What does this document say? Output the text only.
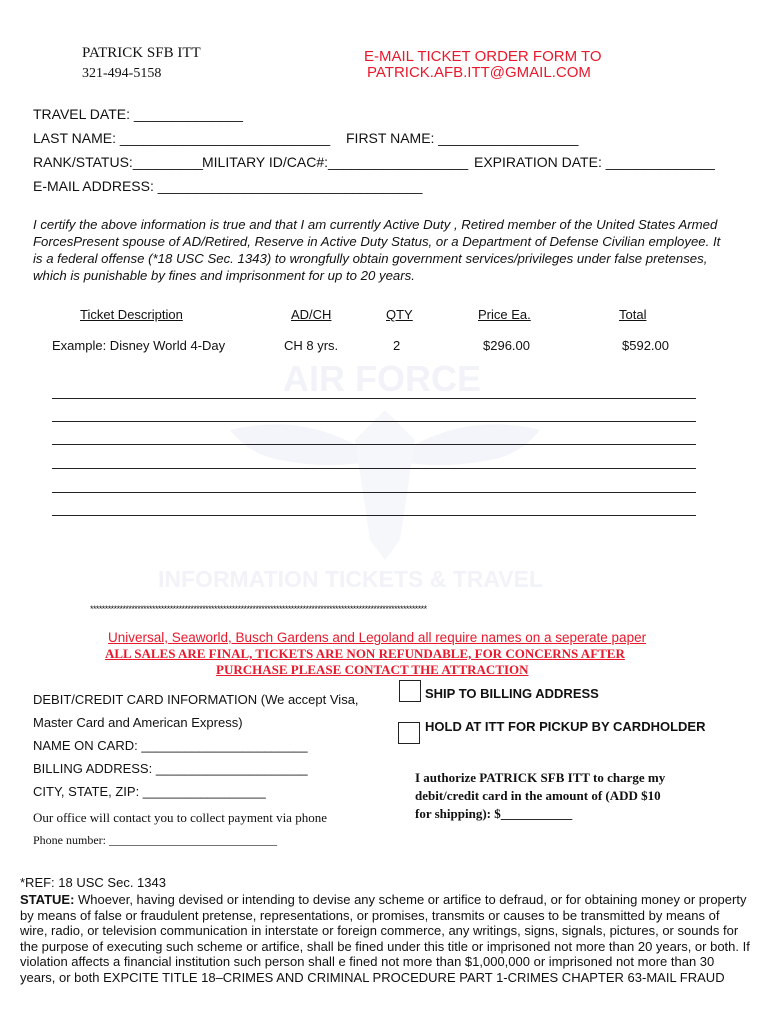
AIR FORCE
INFORMATION TICKETS & TRAVEL
PATRICK SFB ITT
321-494-5158
E-MAIL TICKET ORDER FORM TO
PATRICK.AFB.ITT@GMAIL.COM
TRAVEL DATE: ______________
LAST NAME: ___________________________ FIRST NAME: __________________
RANK/STATUS:_________ MILITARY ID/CAC#:__________________ EXPIRATION DATE: ______________
E-MAIL ADDRESS: __________________________________
I certify the above information is true and that I am currently Active Duty , Retired member of the United States Armed ForcesPresent spouse of AD/Retired, Reserve in Active Duty Status, or a Department of Defense Civilian employee. It is a federal offense (*18 USC Sec. 1343) to wrongfully obtain government services/privileges under false pretenses, which is punishable by fines and imprisonment for up to 20 years.
Ticket Description	AD/CH	QTY	Price Ea.	Total
Example: Disney World 4-Day	CH 8 yrs.	2	$296.00	$592.00
******************************************************************************************************************
Universal, Seaworld, Busch Gardens and Legoland all require names on a seperate paper
ALL SALES ARE FINAL, TICKETS ARE NON REFUNDABLE, FOR CONCERNS AFTER
PURCHASE PLEASE CONTACT THE ATTRACTION
DEBIT/CREDIT CARD INFORMATION (We accept Visa,
Master Card and American Express)
NAME ON CARD: _______________________
BILLING ADDRESS: _____________________
CITY, STATE, ZIP: _________________
Our office will contact you to collect payment via phone
Phone number: ____________________________
SHIP TO BILLING ADDRESS
HOLD AT ITT FOR PICKUP BY CARDHOLDER
I authorize PATRICK SFB ITT to charge my
debit/credit card in the amount of (ADD $10
for shipping): $___________
*REF: 18 USC Sec. 1343
STATUE: Whoever, having devised or intending to devise any scheme or artifice to defraud, or for obtaining money or property by means of false or fraudulent pretense, representations, or promises, transmits or causes to be transmitted by means of wire, radio, or television communication in interstate or foreign commerce, any writings, signs, signals, pictures, or sounds for the purpose of executing such scheme or artifice, shall be fined under this title or imprisoned not more than 20 years, or both. If violation affects a financial institution such person shall e fined not more than $1,000,000 or imprisoned not more than 30 years, or both EXPCITE TITLE 18–CRIMES AND CRIMINAL PROCEDURE PART 1-CRIMES CHAPTER 63-MAIL FRAUD
